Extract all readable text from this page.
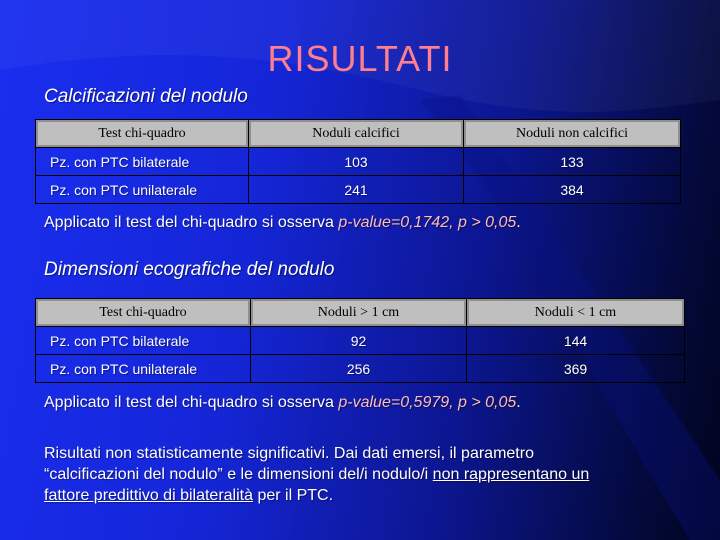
RISULTATI
Calcificazioni del nodulo
Test chi-quadro	Noduli calcifici	Noduli non calcifici
Pz. con PTC bilaterale	103	133
Pz. con PTC unilaterale	241	384
Applicato il test del chi-quadro si osserva p-value=0,1742, p > 0,05.
Dimensioni ecografiche del nodulo
Test chi-quadro	Noduli > 1 cm	Noduli < 1 cm
Pz. con PTC bilaterale	92	144
Pz. con PTC unilaterale	256	369
Applicato il test del chi-quadro si osserva p-value=0,5979, p > 0,05.
Risultati non statisticamente significativi. Dai dati emersi, il parametro
“calcificazioni del nodulo” e le dimensioni del/i nodulo/i non rappresentano un
fattore predittivo di bilateralità per il PTC.
